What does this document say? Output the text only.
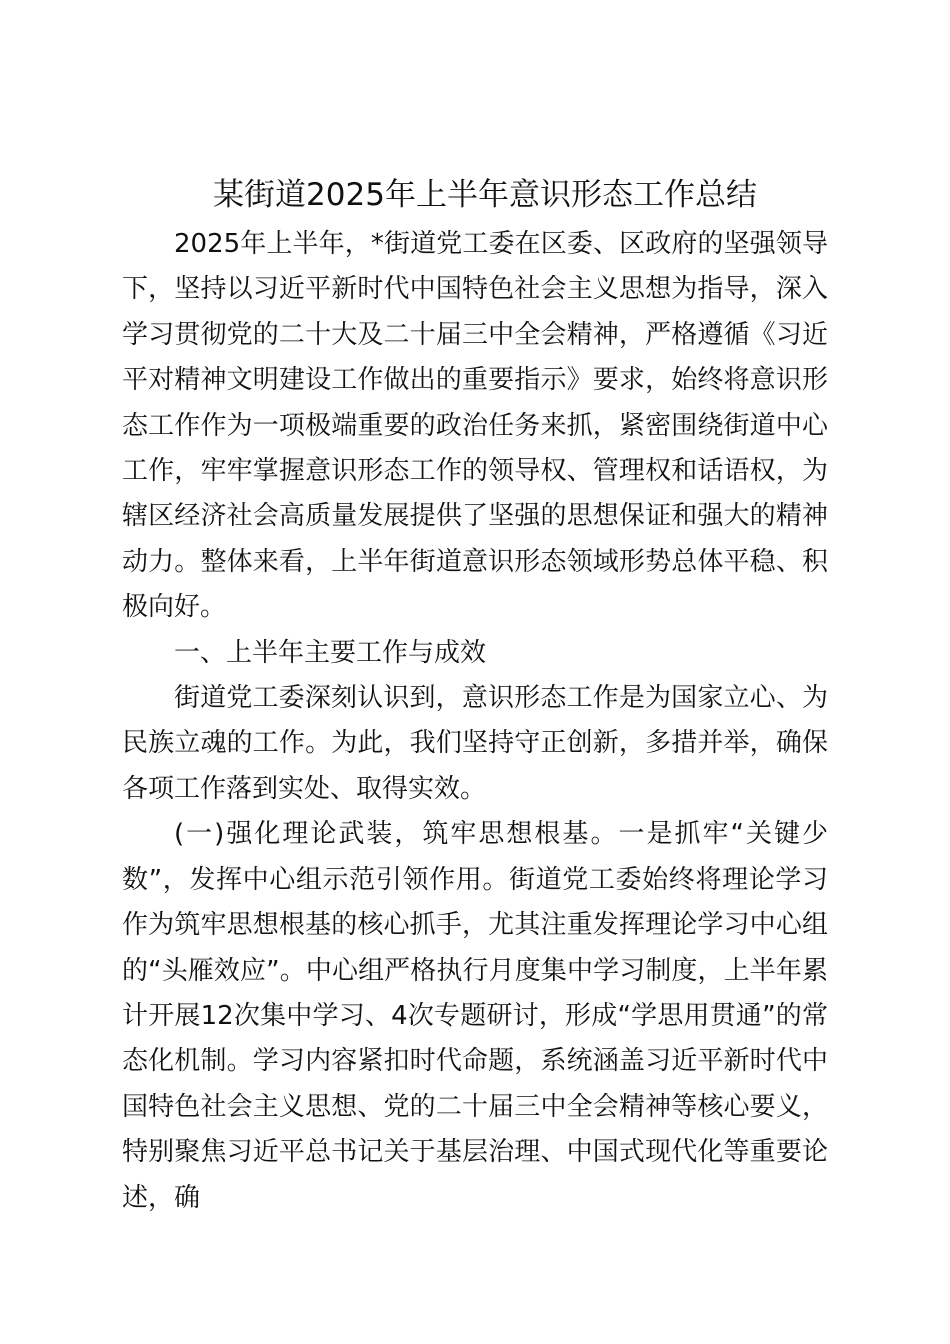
某街道2025年上半年意识形态工作总结

2025年上半年，*街道党工委在区委、区政府的坚强领导下，坚持以习近平新时代中国特色社会主义思想为指导，深入学习贯彻党的二十大及二十届三中全会精神，严格遵循《习近平对精神文明建设工作做出的重要指示》要求，始终将意识形态工作作为一项极端重要的政治任务来抓，紧密围绕街道中心工作，牢牢掌握意识形态工作的领导权、管理权和话语权，为辖区经济社会高质量发展提供了坚强的思想保证和强大的精神动力。整体来看，上半年街道意识形态领域形势总体平稳、积极向好。

一、上半年主要工作与成效

街道党工委深刻认识到，意识形态工作是为国家立心、为民族立魂的工作。为此，我们坚持守正创新，多措并举，确保各项工作落到实处、取得实效。

(一)强化理论武装，筑牢思想根基。一是抓牢“关键少数”，发挥中心组示范引领作用。街道党工委始终将理论学习作为筑牢思想根基的核心抓手，尤其注重发挥理论学习中心组的“头雁效应”。中心组严格执行月度集中学习制度，上半年累计开展12次集中学习、4次专题研讨，形成“学思用贯通”的常态化机制。学习内容紧扣时代命题，系统涵盖习近平新时代中国特色社会主义思想、党的二十届三中全会精神等核心要义，特别聚焦习近平总书记关于基层治理、中国式现代化等重要论述，确
